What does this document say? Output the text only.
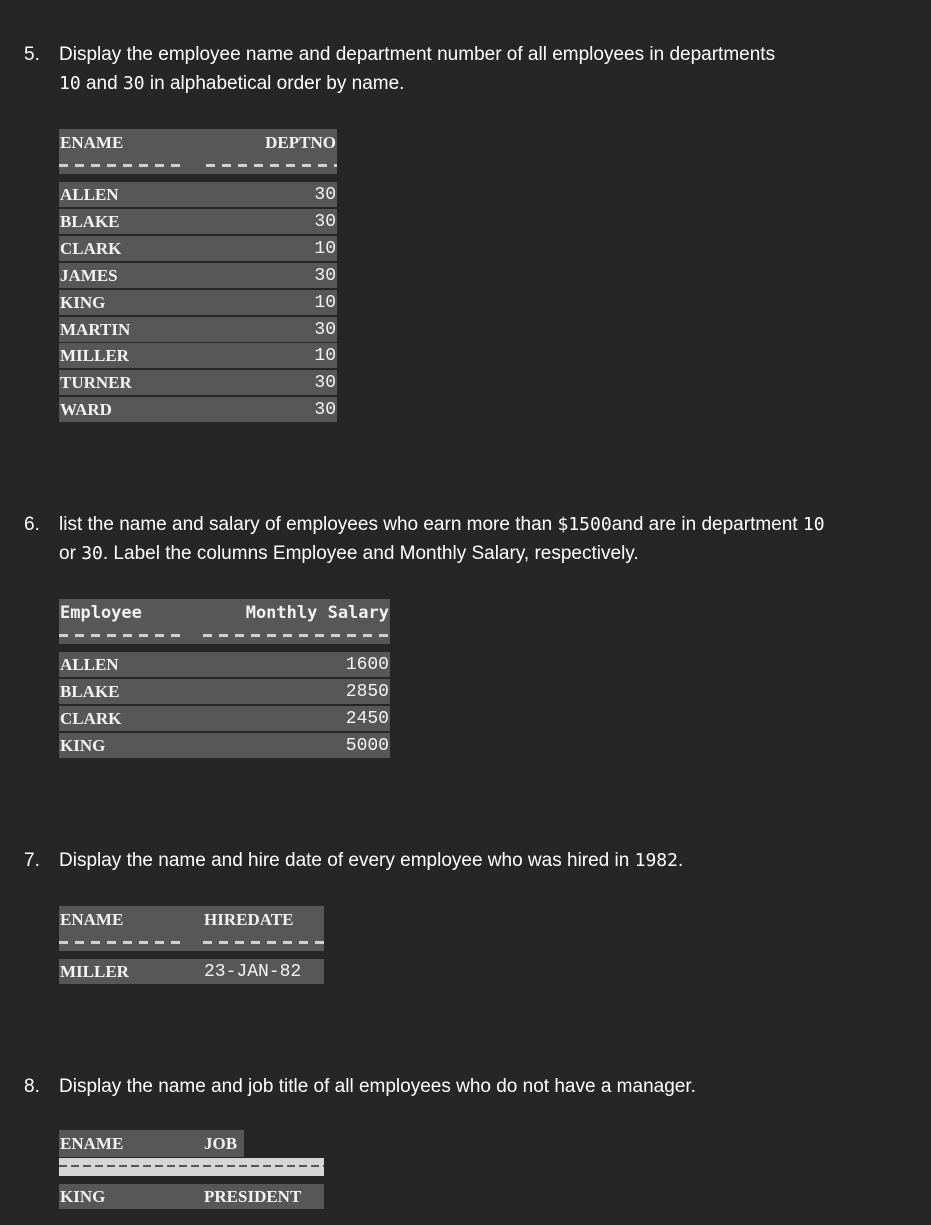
5. Display the employee name and department number of all employees in departments
10 and 30 in alphabetical order by name.
ENAME	DEPTNO
ALLEN	30
BLAKE	30
CLARK	10
JAMES	30
KING	10
MARTIN	30
MILLER	10
TURNER	30
WARD	30
6. list the name and salary of employees who earn more than $1500and are in department 10
or 30. Label the columns Employee and Monthly Salary, respectively.
Employee	Monthly Salary
ALLEN	1600
BLAKE	2850
CLARK	2450
KING	5000
7. Display the name and hire date of every employee who was hired in 1982.
ENAME	HIREDATE
MILLER	23-JAN-82
8. Display the name and job title of all employees who do not have a manager.
ENAME	JOB
KING	PRESIDENT
